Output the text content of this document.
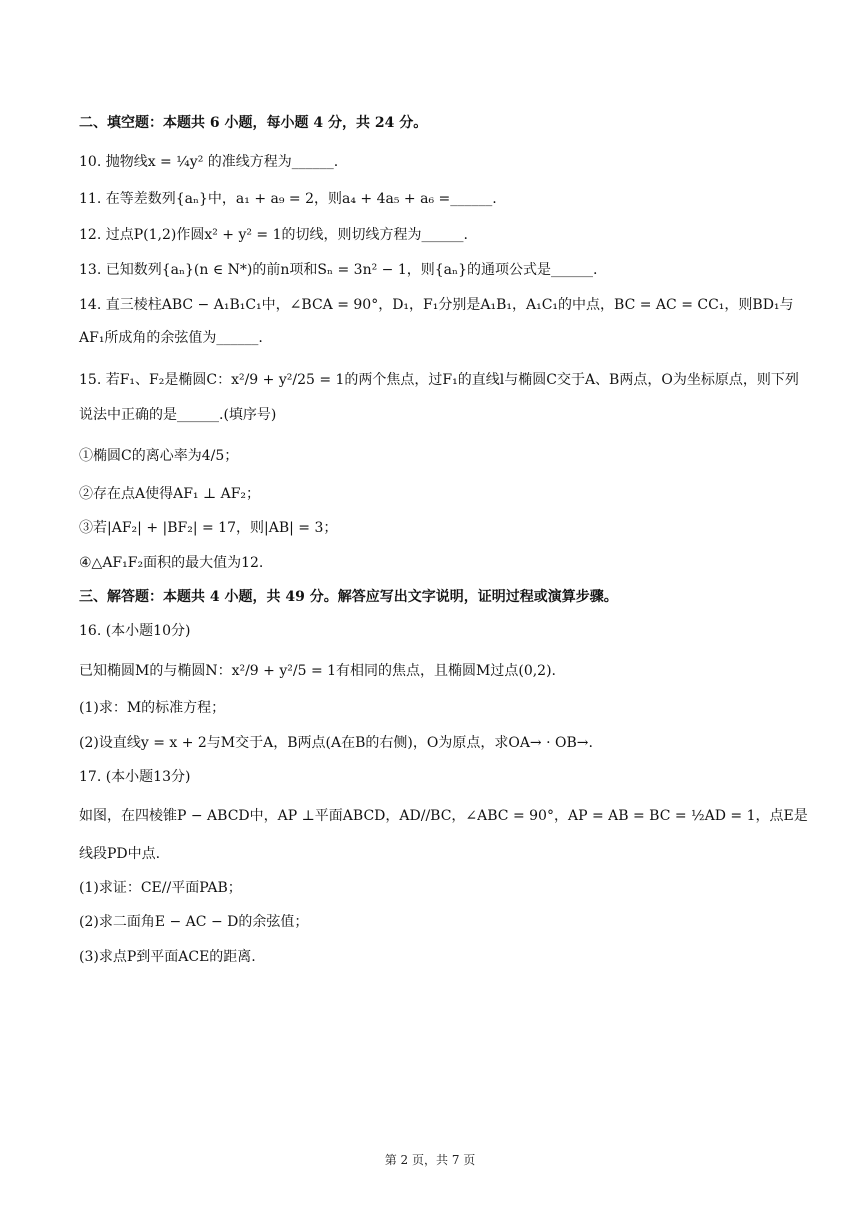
二、填空题：本题共 6 小题，每小题 4 分，共 24 分。
10. 抛物线x = ¼y² 的准线方程为______.
11. 在等差数列{aₙ}中，a₁ + a₉ = 2，则a₄ + 4a₅ + a₆ =______.
12. 过点P(1,2)作圆x² + y² = 1的切线，则切线方程为______.
13. 已知数列{aₙ}(n ∈ N*)的前n项和Sₙ = 3n² − 1，则{aₙ}的通项公式是______.
14. 直三棱柱ABC − A₁B₁C₁中，∠BCA = 90°，D₁，F₁分别是A₁B₁，A₁C₁的中点，BC = AC = CC₁，则BD₁与
AF₁所成角的余弦值为______.
15. 若F₁、F₂是椭圆C：x²/9 + y²/25 = 1的两个焦点，过F₁的直线l与椭圆C交于A、B两点，O为坐标原点，则下列
说法中正确的是______.(填序号)
①椭圆C的离心率为4/5；
②存在点A使得AF₁ ⊥ AF₂；
③若|AF₂| + |BF₂| = 17，则|AB| = 3；
④△AF₁F₂面积的最大值为12.
三、解答题：本题共 4 小题，共 49 分。解答应写出文字说明，证明过程或演算步骤。
16. (本小题10分)
已知椭圆M的与椭圆N：x²/9 + y²/5 = 1有相同的焦点，且椭圆M过点(0,2).
(1)求：M的标准方程；
(2)设直线y = x + 2与M交于A，B两点(A在B的右侧)，O为原点，求OA→ · OB→.
17. (本小题13分)
如图，在四棱锥P − ABCD中，AP ⊥平面ABCD，AD//BC，∠ABC = 90°，AP = AB = BC = ½AD = 1，点E是
线段PD中点.
(1)求证：CE//平面PAB；
(2)求二面角E − AC − D的余弦值；
(3)求点P到平面ACE的距离.
第 2 页，共 7 页
